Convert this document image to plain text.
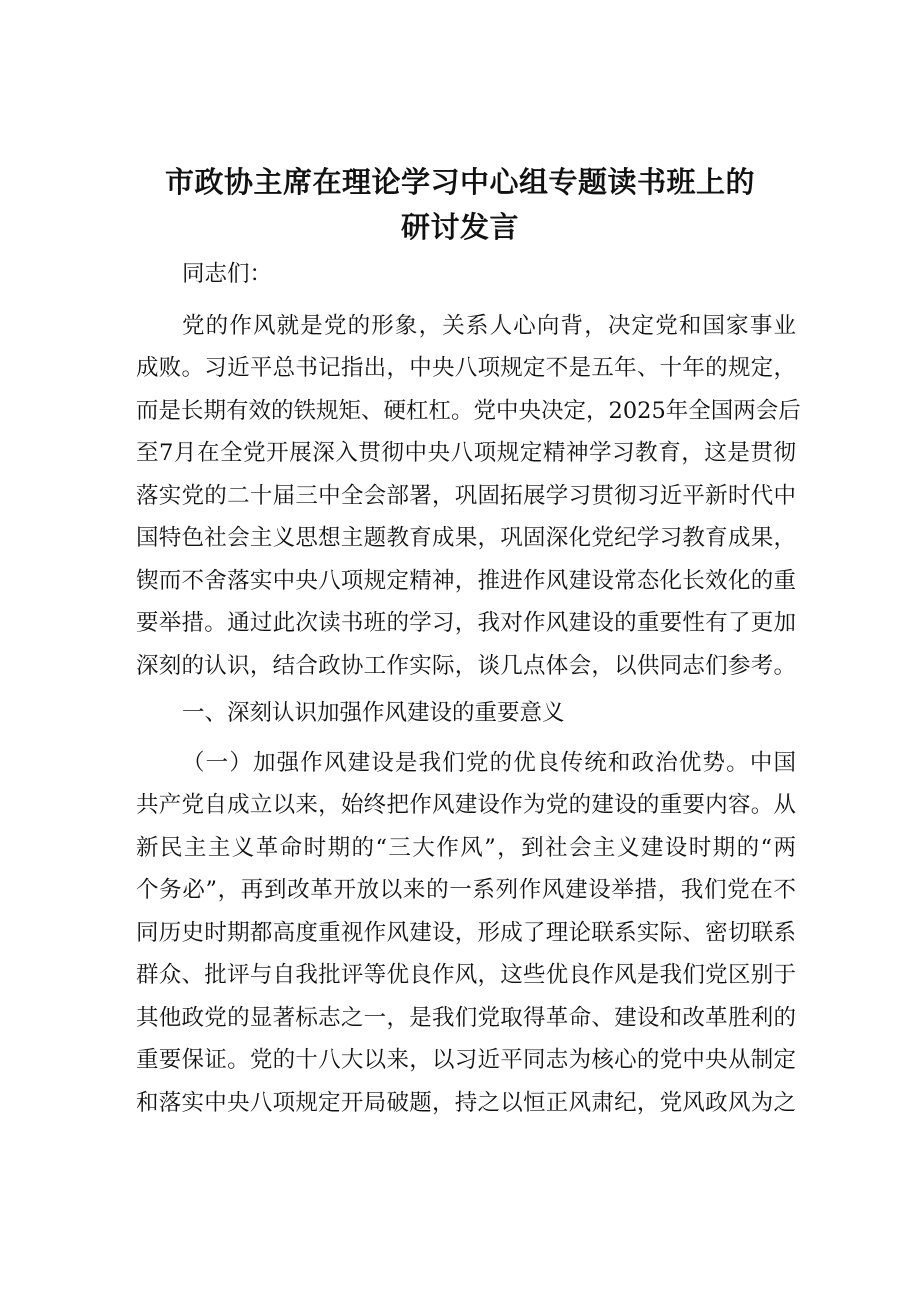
市政协主席在理论学习中心组专题读书班上的
研讨发言
同志们：
党的作风就是党的形象，关系人心向背，决定党和国家事业
成败。习近平总书记指出，中央八项规定不是五年、十年的规定，
而是长期有效的铁规矩、硬杠杠。党中央决定，2025年全国两会后
至7月在全党开展深入贯彻中央八项规定精神学习教育，这是贯彻
落实党的二十届三中全会部署，巩固拓展学习贯彻习近平新时代中
国特色社会主义思想主题教育成果，巩固深化党纪学习教育成果，
锲而不舍落实中央八项规定精神，推进作风建设常态化长效化的重
要举措。通过此次读书班的学习，我对作风建设的重要性有了更加
深刻的认识，结合政协工作实际，谈几点体会，以供同志们参考。
一、深刻认识加强作风建设的重要意义
（一）加强作风建设是我们党的优良传统和政治优势。中国
共产党自成立以来，始终把作风建设作为党的建设的重要内容。从
新民主主义革命时期的“三大作风”，到社会主义建设时期的“两
个务必”，再到改革开放以来的一系列作风建设举措，我们党在不
同历史时期都高度重视作风建设，形成了理论联系实际、密切联系
群众、批评与自我批评等优良作风，这些优良作风是我们党区别于
其他政党的显著标志之一，是我们党取得革命、建设和改革胜利的
重要保证。党的十八大以来，以习近平同志为核心的党中央从制定
和落实中央八项规定开局破题，持之以恒正风肃纪，党风政风为之
